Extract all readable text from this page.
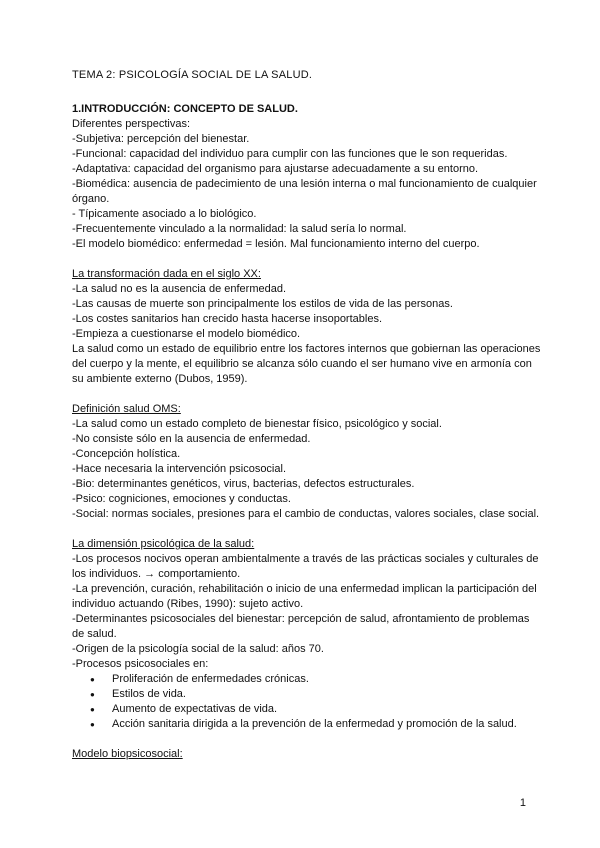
TEMA 2: PSICOLOGÍA SOCIAL DE LA SALUD.

1.INTRODUCCIÓN: CONCEPTO DE SALUD.

Diferentes perspectivas:

-Subjetiva: percepción del bienestar.

-Funcional: capacidad del individuo para cumplir con las funciones que le son requeridas.

-Adaptativa: capacidad del organismo para ajustarse adecuadamente a su entorno.

-Biomédica: ausencia de padecimiento de una lesión interna o mal funcionamiento de cualquier órgano.

- Típicamente asociado a lo biológico.

-Frecuentemente vinculado a la normalidad: la salud sería lo normal.

-El modelo biomédico: enfermedad = lesión. Mal funcionamiento interno del cuerpo.

La transformación dada en el siglo XX:

-La salud no es la ausencia de enfermedad.

-Las causas de muerte son principalmente los estilos de vida de las personas.

-Los costes sanitarios han crecido hasta hacerse insoportables.

-Empieza a cuestionarse el modelo biomédico.

La salud como un estado de equilibrio entre los factores internos que gobiernan las operaciones del cuerpo y la mente, el equilibrio se alcanza sólo cuando el ser humano vive en armonía con su ambiente externo (Dubos, 1959).

Definición salud OMS:

-La salud como un estado completo de bienestar físico, psicológico y social.

-No consiste sólo en la ausencia de enfermedad.

-Concepción holística.

-Hace necesaria la intervención psicosocial.

-Bio: determinantes genéticos, virus, bacterias, defectos estructurales.

-Psico: cogniciones, emociones y conductas.

-Social: normas sociales, presiones para el cambio de conductas, valores sociales, clase social.

La dimensión psicológica de la salud:

-Los procesos nocivos operan ambientalmente a través de las prácticas sociales y culturales de los individuos. → comportamiento.

-La prevención, curación, rehabilitación o inicio de una enfermedad implican la participación del individuo actuando (Ribes, 1990): sujeto activo.

-Determinantes psicosociales del bienestar: percepción de salud, afrontamiento de problemas de salud.

-Origen de la psicología social de la salud: años 70.

-Procesos psicosociales en:

● Proliferación de enfermedades crónicas.
● Estilos de vida.
● Aumento de expectativas de vida.
● Acción sanitaria dirigida a la prevención de la enfermedad y promoción de la salud.

Modelo biopsicosocial:

1
